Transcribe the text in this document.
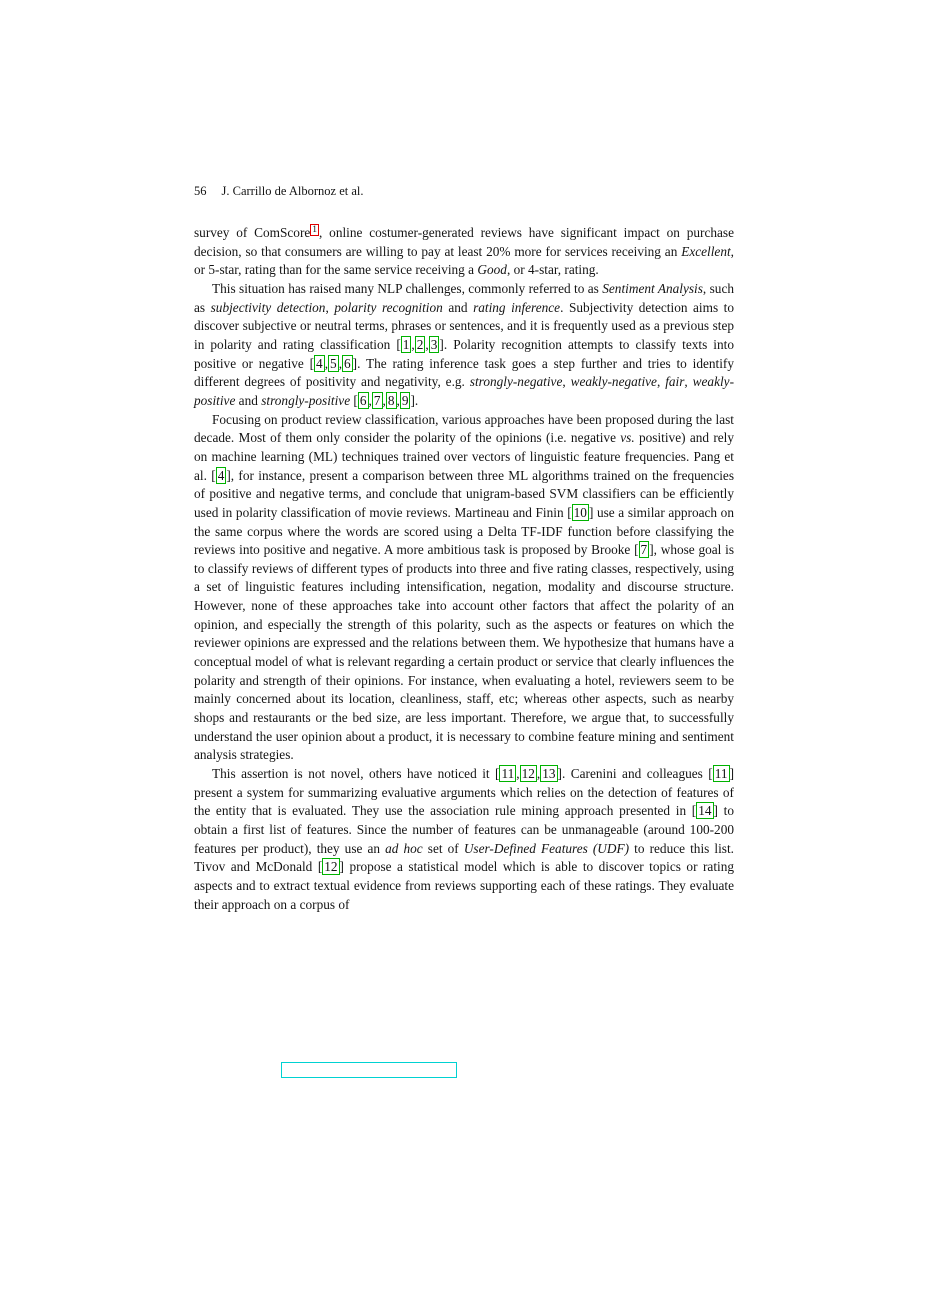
56 J. Carrillo de Albornoz et al.

survey of ComScore $^1$ , online costumer-generated reviews have significant impact on purchase decision, so that consumers are willing to pay at least 20% more for services receiving an Excellent, or 5-star, rating than for the same service receiving a Good, or 4-star, rating.

This situation has raised many NLP challenges, commonly referred to as Sentiment Analysis, such as subjectivity detection, polarity recognition and rating inference. Subjectivity detection aims to discover subjective or neutral terms, phrases or sentences, and it is frequently used as a previous step in polarity and rating classification [ 1 , 2 , 3 ]. Polarity recognition attempts to classify texts into positive or negative [ 4 , 5 , 6 ]. The rating inference task goes a step further and tries to identify different degrees of positivity and negativity, e.g. strongly-negative, weakly-negative, fair, weakly-positive and strongly-positive [ 6 , 7 , 8 , 9 ].

Focusing on product review classification, various approaches have been proposed during the last decade. Most of them only consider the polarity of the opinions (i.e. negative vs. positive) and rely on machine learning (ML) techniques trained over vectors of linguistic feature frequencies. Pang et al. [ 4 ], for instance, present a comparison between three ML algorithms trained on the frequencies of positive and negative terms, and conclude that unigram-based SVM classifiers can be efficiently used in polarity classification of movie reviews. Martineau and Finin [ 10 ] use a similar approach on the same corpus where the words are scored using a Delta TF-IDF function before classifying the reviews into positive and negative. A more ambitious task is proposed by Brooke [ 7 ], whose goal is to classify reviews of different types of products into three and five rating classes, respectively, using a set of linguistic features including intensification, negation, modality and discourse structure. However, none of these approaches take into account other factors that affect the polarity of an opinion, and especially the strength of this polarity, such as the aspects or features on which the reviewer opinions are expressed and the relations between them. We hypothesize that humans have a conceptual model of what is relevant regarding a certain product or service that clearly influences the polarity and strength of their opinions. For instance, when evaluating a hotel, reviewers seem to be mainly concerned about its location, cleanliness, staff, etc; whereas other aspects, such as nearby shops and restaurants or the bed size, are less important. Therefore, we argue that, to successfully understand the user opinion about a product, it is necessary to combine feature mining and sentiment analysis strategies.

This assertion is not novel, others have noticed it [ 11 , 12 , 13 ]. Carenini and colleagues [ 11 ] present a system for summarizing evaluative arguments which relies on the detection of features of the entity that is evaluated. They use the association rule mining approach presented in [ 14 ] to obtain a first list of features. Since the number of features can be unmanageable (around 100-200 features per product), they use an ad hoc set of User-Defined Features (UDF) to reduce this list. Tivov and McDonald [ 12 ] propose a statistical model which is able to discover topics or rating aspects and to extract textual evidence from reviews supporting each of these ratings. They evaluate their approach on a corpus of
